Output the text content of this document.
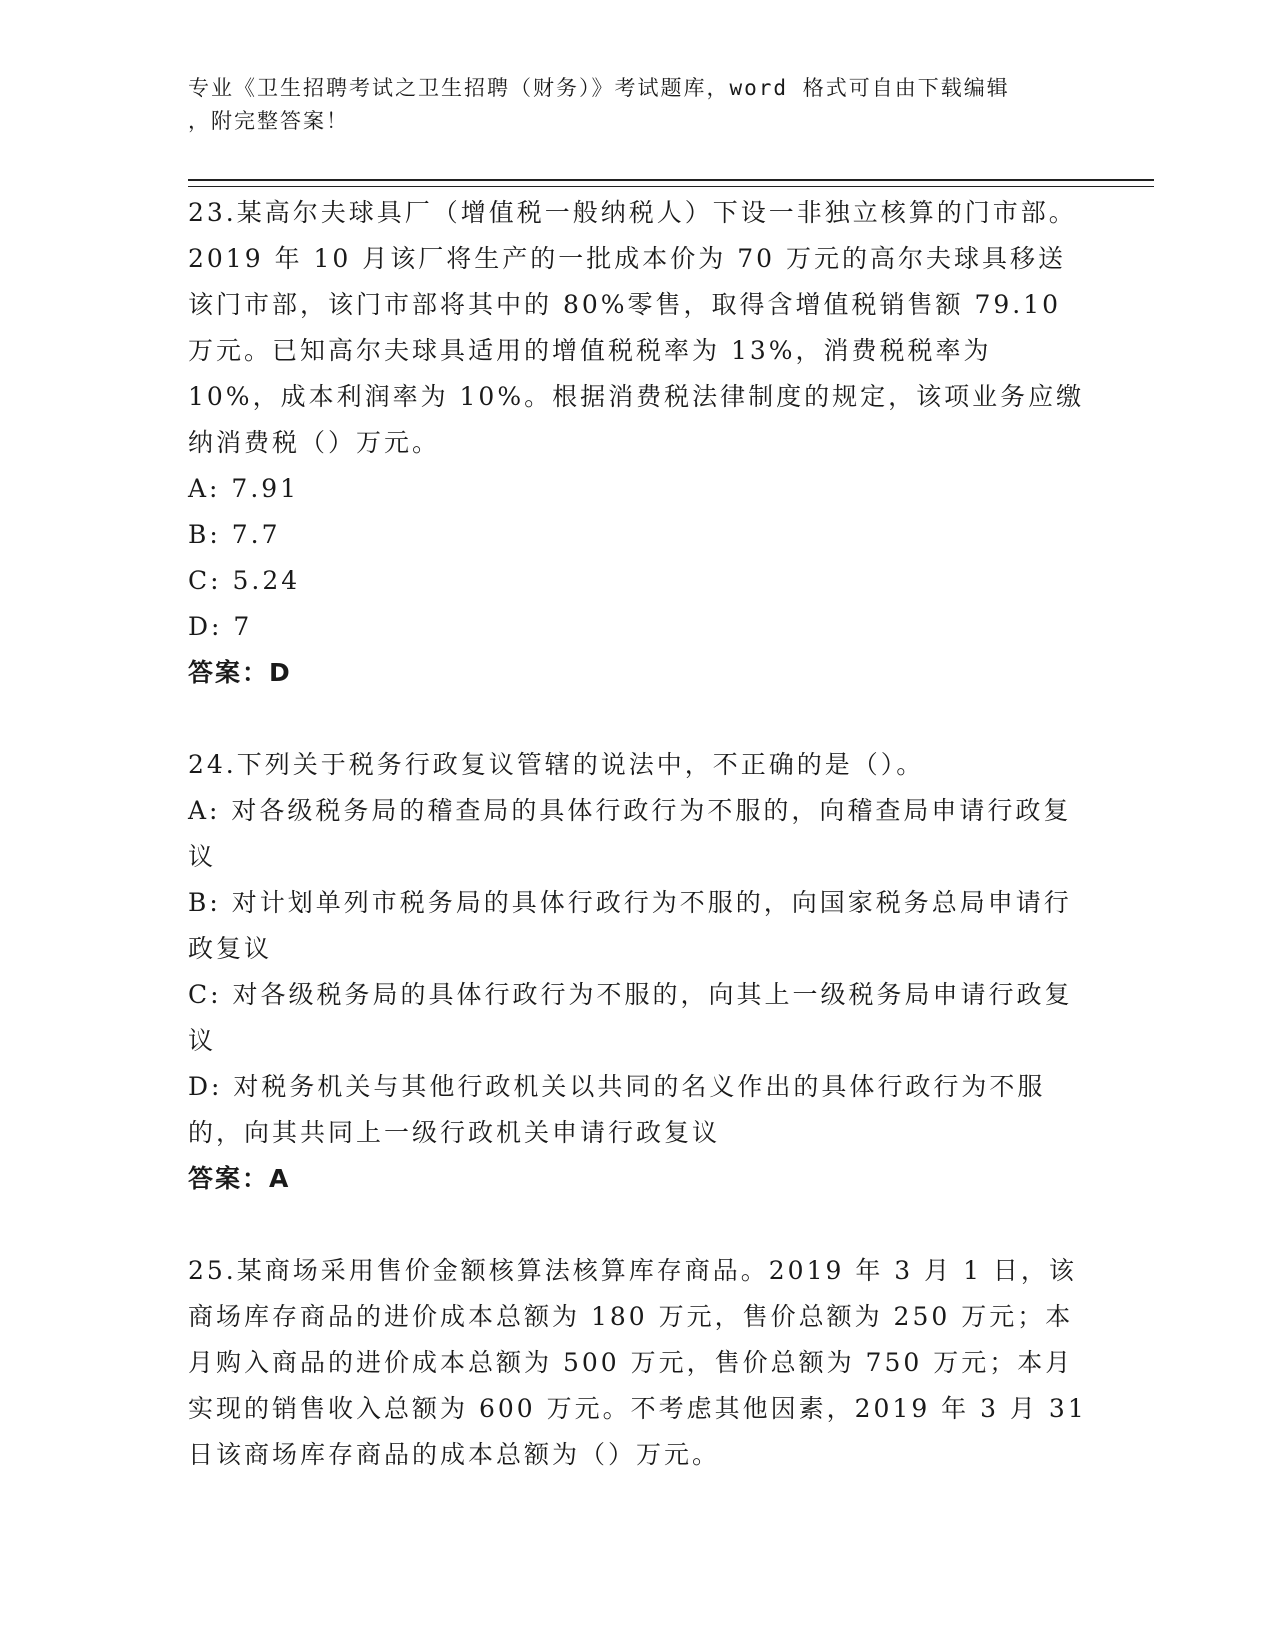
专业《卫生招聘考试之卫生招聘（财务）》考试题库，word 格式可自由下载编辑
，附完整答案！

23.某高尔夫球具厂（增值税一般纳税人）下设一非独立核算的门市部。2019 年 10 月该厂将生产的一批成本价为 70 万元的高尔夫球具移送该门市部，该门市部将其中的 80%零售，取得含增值税销售额 79.10 万元。已知高尔夫球具适用的增值税税率为 13%，消费税税率为 10%，成本利润率为 10%。根据消费税法律制度的规定，该项业务应缴纳消费税（）万元。

A: 7.91

B: 7.7

C: 5.24

D: 7

答案：D

24.下列关于税务行政复议管辖的说法中，不正确的是（）。

A: 对各级税务局的稽查局的具体行政行为不服的，向稽查局申请行政复议

B: 对计划单列市税务局的具体行政行为不服的，向国家税务总局申请行政复议

C: 对各级税务局的具体行政行为不服的，向其上一级税务局申请行政复议

D: 对税务机关与其他行政机关以共同的名义作出的具体行政行为不服的，向其共同上一级行政机关申请行政复议

答案：A

25.某商场采用售价金额核算法核算库存商品。2019 年 3 月 1 日，该商场库存商品的进价成本总额为 180 万元，售价总额为 250 万元；本月购入商品的进价成本总额为 500 万元，售价总额为 750 万元；本月实现的销售收入总额为 600 万元。不考虑其他因素，2019 年 3 月 31 日该商场库存商品的成本总额为（）万元。
